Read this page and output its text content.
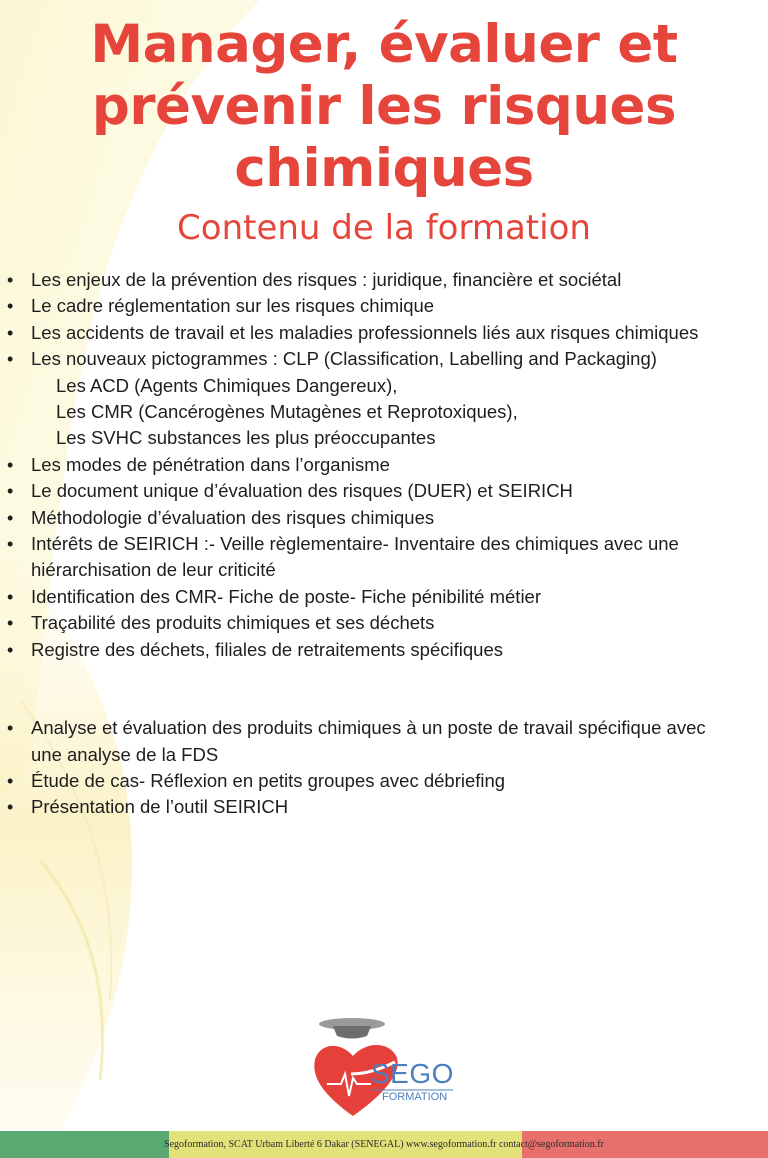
Manager, évaluer et
prévenir les risques
chimiques
Contenu de la formation
• Les enjeux de la prévention des risques : juridique, financière et sociétal
• Le cadre réglementation sur les risques chimique
• Les accidents de travail et les maladies professionnels liés aux risques chimiques
• Les nouveaux pictogrammes : CLP (Classification, Labelling and Packaging)
Les ACD (Agents Chimiques Dangereux),
Les CMR (Cancérogènes Mutagènes et Reprotoxiques),
Les SVHC substances les plus préoccupantes
• Les modes de pénétration dans l’organisme
• Le document unique d’évaluation des risques (DUER) et SEIRICH
• Méthodologie d’évaluation des risques chimiques
• Intérêts de SEIRICH :- Veille règlementaire- Inventaire des chimiques avec une
hiérarchisation de leur criticité
• Identification des CMR- Fiche de poste- Fiche pénibilité métier
• Traçabilité des produits chimiques et ses déchets
• Registre des déchets, filiales de retraitements spécifiques
• Analyse et évaluation des produits chimiques à un poste de travail spécifique avec
une analyse de la FDS
• Étude de cas- Réflexion en petits groupes avec débriefing
• Présentation de l’outil SEIRICH
SEGO
FORMATION
Segoformation, SCAT Urbam Liberté 6 Dakar (SENEGAL) www.segoformation.fr contact@segoformation.fr
